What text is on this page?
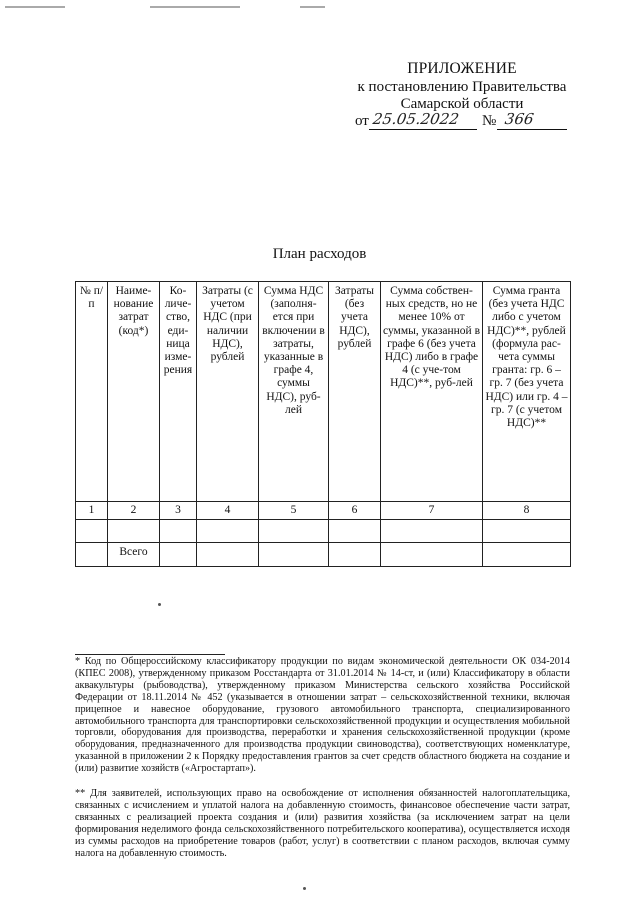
ПРИЛОЖЕНИЕ
к постановлению Правительства
Самарской области
от 25.05.2022 № 366
План расходов
№ п/п	Наиме-нование затрат (код*)	Ко-личе-ство, еди-ница изме-рения	Затраты (с учетом НДС (при наличии НДС), рублей	Сумма НДС (заполня-ется при включении в затраты, указанные в графе 4, суммы НДС), руб-лей	Затраты (без учета НДС), рублей	Сумма собствен-ных средств, но не менее 10% от суммы, указанной в графе 6 (без учета НДС) либо в графе 4 (с уче-том НДС)**, руб-лей	Сумма гранта (без учета НДС либо с учетом НДС)**, рублей (формула рас-чета суммы гранта: гр. 6 – гр. 7 (без учета НДС) или гр. 4 – гр. 7 (с учетом НДС)**
1	2	3	4	5	6	7	8

	Всего						
* Код по Общероссийскому классификатору продукции по видам экономической деятельности ОК 034-2014 (КПЕС 2008), утвержденному приказом Росстандарта от 31.01.2014 № 14-ст, и (или) Классификатору в области аквакультуры (рыбоводства), утвержденному приказом Министерства сельского хозяйства Российской Федерации от 18.11.2014 № 452 (указывается в отношении затрат – сельскохозяйственной техники, включая прицепное и навесное оборудование, грузового автомобильного транспорта, специализированного автомобильного транспорта для транспортировки сельскохозяйственной продукции и осуществления мобильной торговли, оборудования для производства, переработки и хранения сельскохозяйственной продукции (кроме оборудования, предназначенного для производства продукции свиноводства), соответствующих номенклатуре, указанной в приложении 2 к Порядку предоставления грантов за счет средств областного бюджета на создание и (или) развитие хозяйств («Агростартап»).
** Для заявителей, использующих право на освобождение от исполнения обязанностей налогоплательщика, связанных с исчислением и уплатой налога на добавленную стоимость, финансовое обеспечение части затрат, связанных с реализацией проекта создания и (или) развития хозяйства (за исключением затрат на цели формирования неделимого фонда сельскохозяйственного потребительского кооператива), осуществляется исходя из суммы расходов на приобретение товаров (работ, услуг) в соответствии с планом расходов, включая сумму налога на добавленную стоимость.
